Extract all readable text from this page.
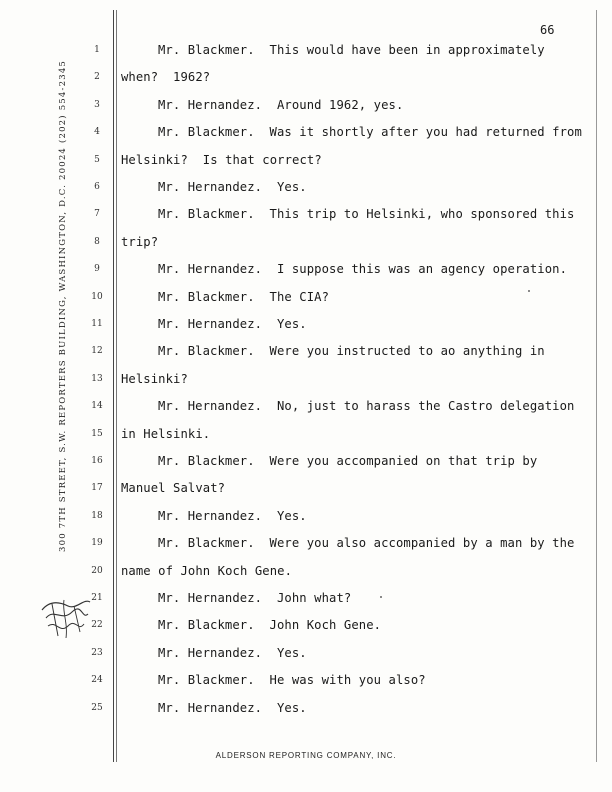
66
300 7TH STREET, S.W. REPORTERS BUILDING, WASHINGTON, D.C. 20024 (202) 554-2345
1
2
3
4
5
6
7
8
9
10
11
12
13
14
15
16
17
18
19
20
21
22
23
24
25
Mr. Blackmer.  This would have been in approximately
when?  1962?
Mr. Hernandez.  Around 1962, yes.
Mr. Blackmer.  Was it shortly after you had returned from
Helsinki?  Is that correct?
Mr. Hernandez.  Yes.
Mr. Blackmer.  This trip to Helsinki, who sponsored this
trip?
Mr. Hernandez.  I suppose this was an agency operation.
Mr. Blackmer.  The CIA?
Mr. Hernandez.  Yes.
Mr. Blackmer.  Were you instructed to ao anything in
Helsinki?
Mr. Hernandez.  No, just to harass the Castro delegation
in Helsinki.
Mr. Blackmer.  Were you accompanied on that trip by
Manuel Salvat?
Mr. Hernandez.  Yes.
Mr. Blackmer.  Were you also accompanied by a man by the
name of John Koch Gene.
Mr. Hernandez.  John what?
Mr. Blackmer.  John Koch Gene.
Mr. Hernandez.  Yes.
Mr. Blackmer.  He was with you also?
Mr. Hernandez.  Yes.
ALDERSON REPORTING COMPANY, INC.
